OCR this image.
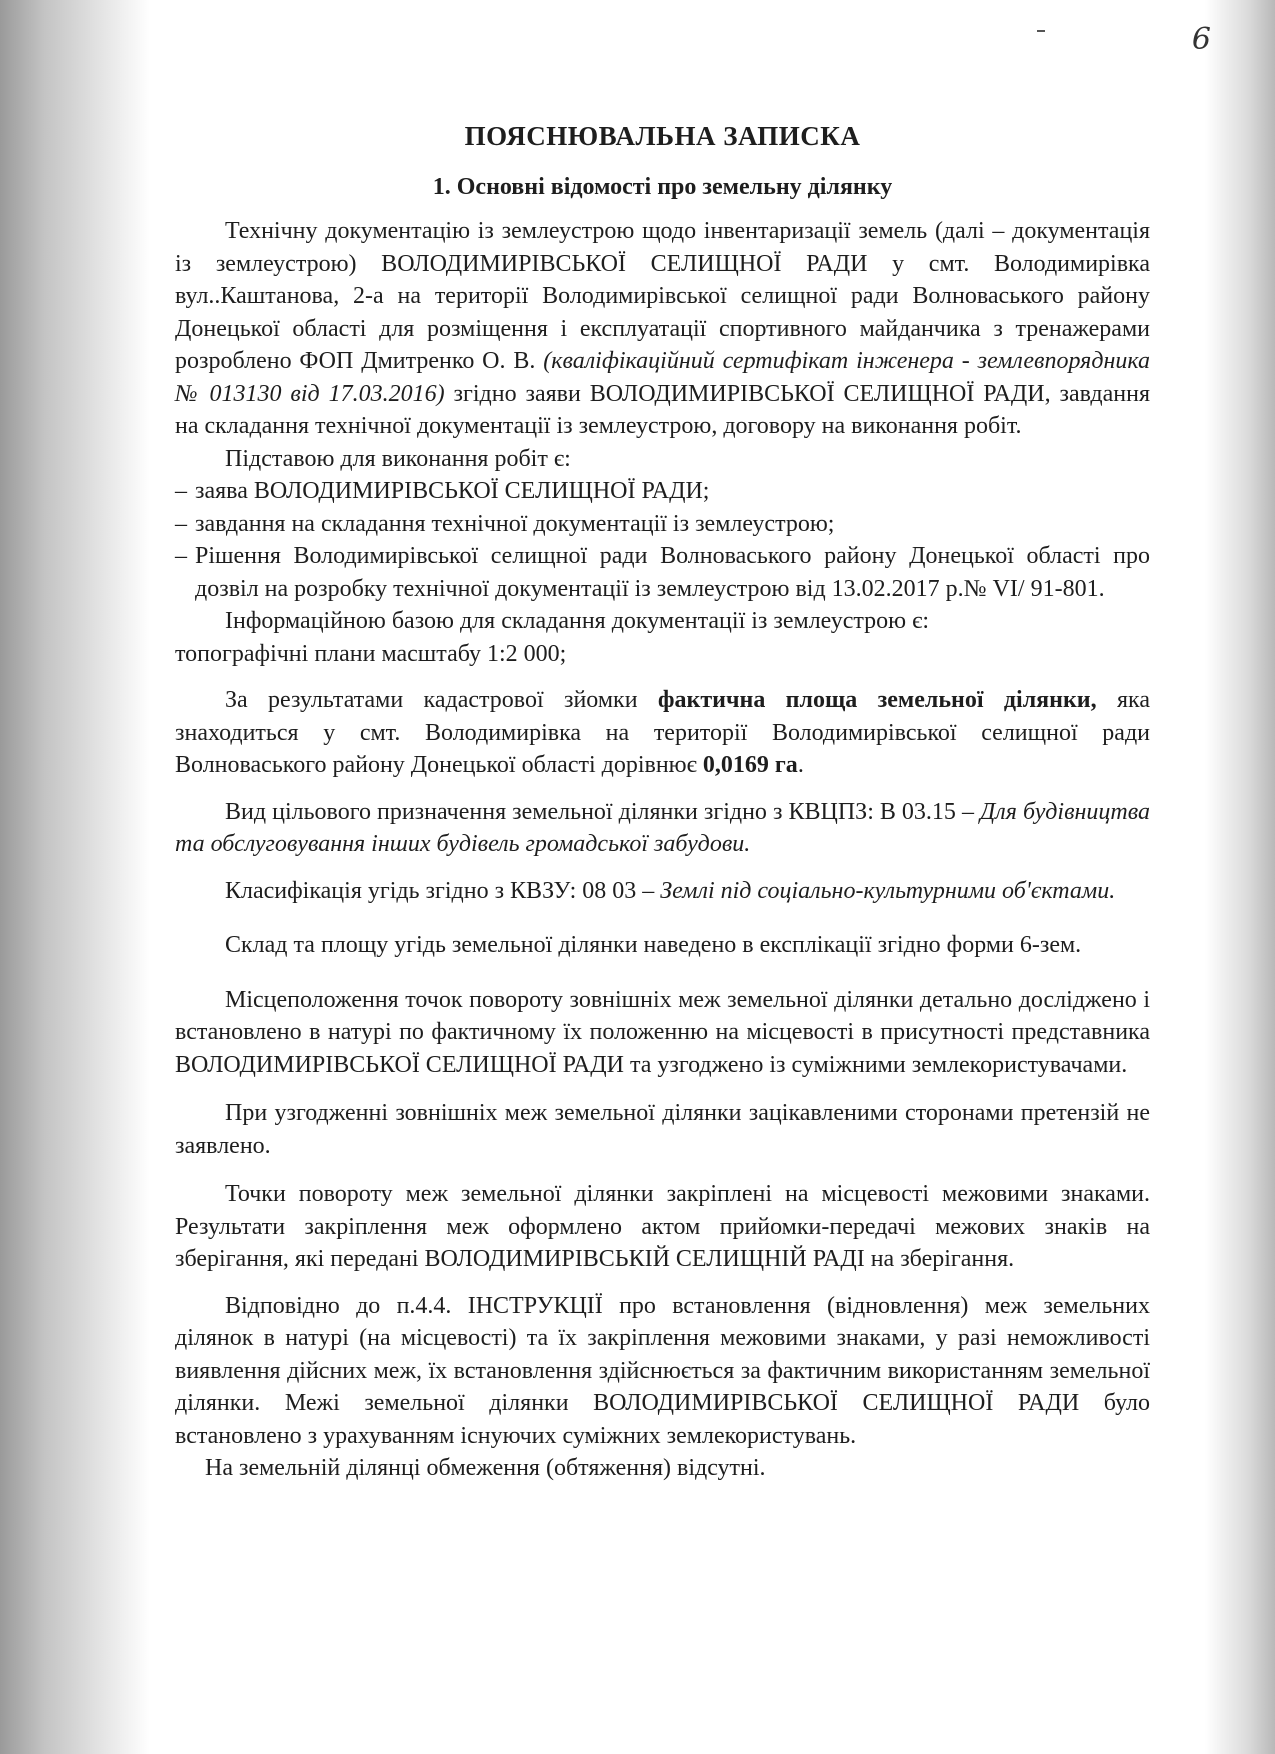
6
ПОЯСНЮВАЛЬНА ЗАПИСКА
1. Основні відомості про земельну ділянку

Технічну документацію із землеустрою щодо інвентаризації земель (далі – документація із землеустрою) ВОЛОДИМИРІВСЬКОЇ СЕЛИЩНОЇ РАДИ у смт. Володимирівка вул..Каштанова, 2-а на території Володимирівської селищної ради Волноваського району Донецької області для розміщення і експлуатації спортивного майданчика з тренажерами розроблено ФОП Дмитренко О. В. (кваліфікаційний сертифікат інженера - землевпорядника № 013130 від 17.03.2016) згідно заяви ВОЛОДИМИРІВСЬКОЇ СЕЛИЩНОЇ РАДИ, завдання на складання технічної документації із землеустрою, договору на виконання робіт.

Підставою для виконання робіт є:

– заява ВОЛОДИМИРІВСЬКОЇ СЕЛИЩНОЇ РАДИ;
– завдання на складання технічної документації із землеустрою;
– Рішення Володимирівської селищної ради Волноваського району Донецької області про дозвіл на розробку технічної документації із землеустрою від 13.02.2017 р.№ VI/ 91-801.

Інформаційною базою для складання документації із землеустрою є:

топографічні плани масштабу 1:2 000;

За результатами кадастрової зйомки фактична площа земельної ділянки, яка знаходиться у смт. Володимирівка на території Володимирівської селищної ради Волноваського району Донецької області дорівнює 0,0169 га.

Вид цільового призначення земельної ділянки згідно з КВЦПЗ: В 03.15 – Для будівництва та обслуговування інших будівель громадської забудови.

Класифікація угідь згідно з КВЗУ: 08 03 – Землі під соціально-культурними об'єктами.

Склад та площу угідь земельної ділянки наведено в експлікації згідно форми 6-зем.

Місцеположення точок повороту зовнішніх меж земельної ділянки детально досліджено і встановлено в натурі по фактичному їх положенню на місцевості в присутності представника ВОЛОДИМИРІВСЬКОЇ СЕЛИЩНОЇ РАДИ та узгоджено із суміжними землекористувачами.

При узгодженні зовнішніх меж земельної ділянки зацікавленими сторонами претензій не заявлено.

Точки повороту меж земельної ділянки закріплені на місцевості межовими знаками. Результати закріплення меж оформлено актом прийомки-передачі межових знаків на зберігання, які передані ВОЛОДИМИРІВСЬКІЙ СЕЛИЩНІЙ РАДІ на зберігання.

Відповідно до п.4.4. ІНСТРУКЦІЇ про встановлення (відновлення) меж земельних ділянок в натурі (на місцевості) та їх закріплення межовими знаками, у разі неможливості виявлення дійсних меж, їх встановлення здійснюється за фактичним використанням земельної ділянки. Межі земельної ділянки ВОЛОДИМИРІВСЬКОЇ СЕЛИЩНОЇ РАДИ було встановлено з урахуванням існуючих суміжних землекористувань.

На земельній ділянці обмеження (обтяження) відсутні.
